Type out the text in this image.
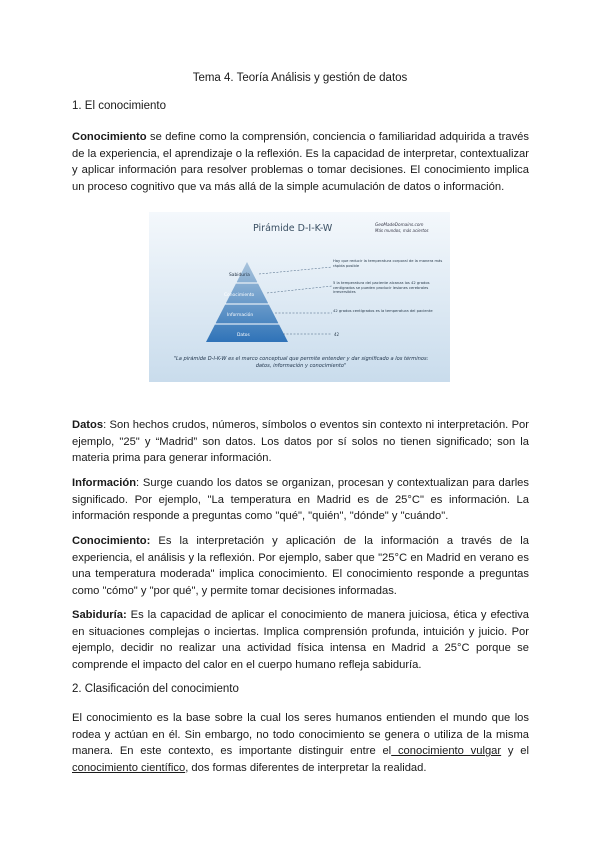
Tema 4. Teoría Análisis y gestión de datos
1. El conocimiento

Conocimiento se define como la comprensión, conciencia o familiaridad adquirida a través de la experiencia, el aprendizaje o la reflexión. Es la capacidad de interpretar, contextualizar y aplicar información para resolver problemas o tomar decisiones. El conocimiento implica un proceso cognitivo que va más allá de la simple acumulación de datos o información.

Pirámide D-I-K-W	GeoMadeDomains.com
Más mundos, más aciertos
Sabiduría
Conocimiento
Información
Datos
Hay que reducir la temperatura corporal de la manera más rápida posible
5 la temperatura del paciente alcanza los 42 grados centígrados se pueden producir lesiones cerebrales irreversibles
42 grados centígrados es la temperatura del paciente
42
"La pirámide D-I-K-W es el marco conceptual que permite entender y dar significado a los términos: datos, información y conocimiento"

Datos: Son hechos crudos, números, símbolos o eventos sin contexto ni interpretación. Por ejemplo, "25" y “Madrid” son datos. Los datos por sí solos no tienen significado; son la materia prima para generar información.

Información: Surge cuando los datos se organizan, procesan y contextualizan para darles significado. Por ejemplo, "La temperatura en Madrid es de 25°C" es información. La información responde a preguntas como "qué", "quién", "dónde" y "cuándo".

Conocimiento: Es la interpretación y aplicación de la información a través de la experiencia, el análisis y la reflexión. Por ejemplo, saber que "25°C en Madrid en verano es una temperatura moderada" implica conocimiento. El conocimiento responde a preguntas como "cómo" y "por qué", y permite tomar decisiones informadas.

Sabiduría: Es la capacidad de aplicar el conocimiento de manera juiciosa, ética y efectiva en situaciones complejas o inciertas. Implica comprensión profunda, intuición y juicio. Por ejemplo, decidir no realizar una actividad física intensa en Madrid a 25°C porque se comprende el impacto del calor en el cuerpo humano refleja sabiduría.

2. Clasificación del conocimiento

El conocimiento es la base sobre la cual los seres humanos entienden el mundo que los rodea y actúan en él. Sin embargo, no todo conocimiento se genera o utiliza de la misma manera. En este contexto, es importante distinguir entre el conocimiento vulgar y el conocimiento científico, dos formas diferentes de interpretar la realidad.
